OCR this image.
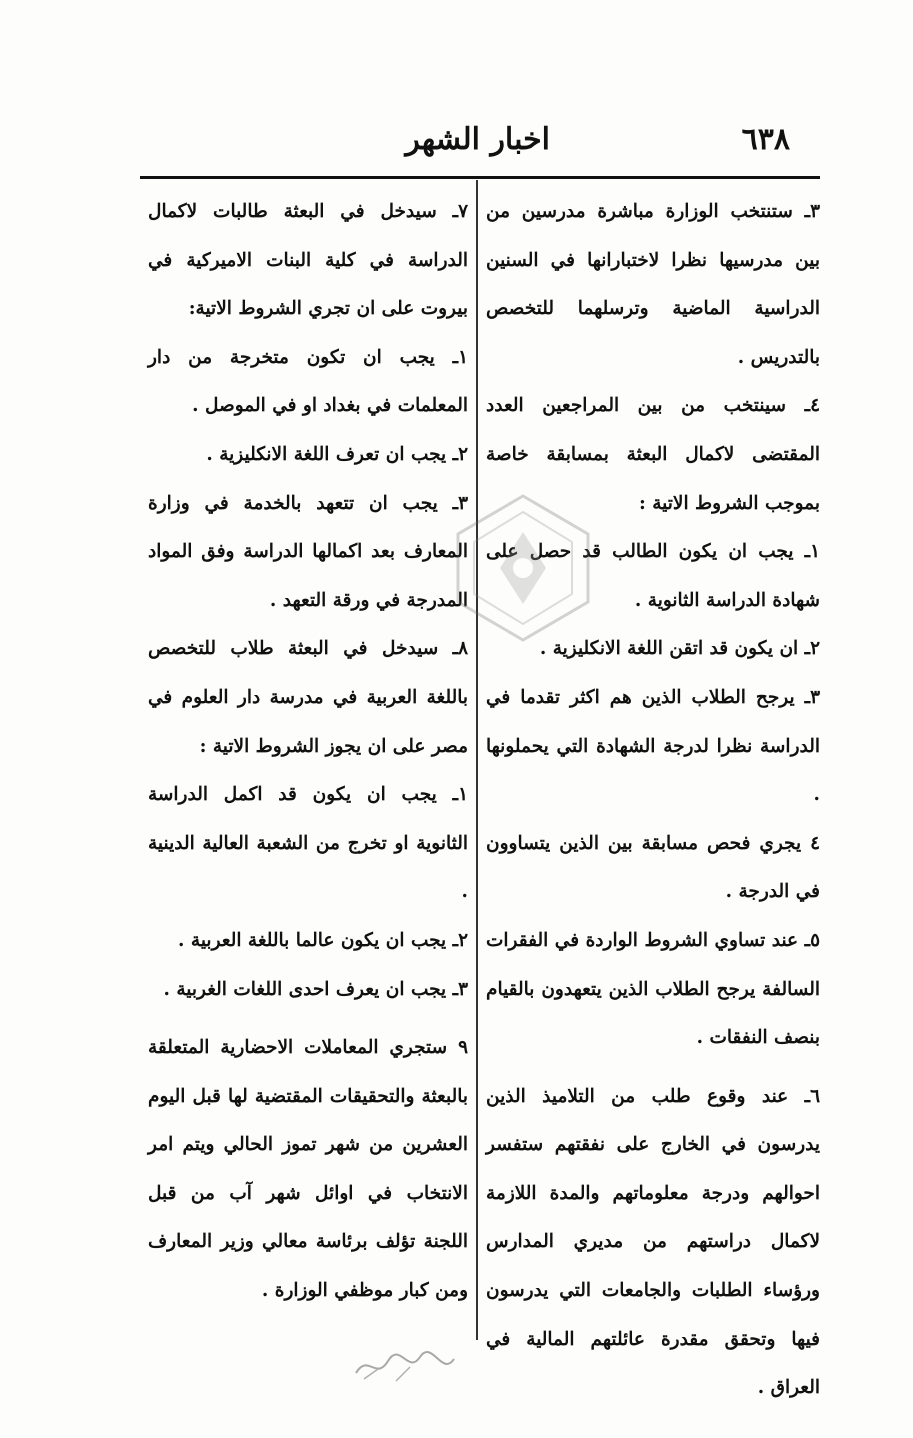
٦٣٨
اخبار الشهر

٣ـ ستنتخب الوزارة مباشرة مدرسين من بين مدرسيها نظرا لاختبارانها في السنين الدراسية الماضية وترسلهما للتخصص بالتدريس .

٤ـ سينتخب من بين المراجعين العدد المقتضى لاكمال البعثة بمسابقة خاصة بموجب الشروط الاتية :

١ـ يجب ان يكون الطالب قد حصل على شهادة الدراسة الثانوية .

٢ـ ان يكون قد اتقن اللغة الانكليزية .

٣ـ يرجح الطلاب الذين هم اكثر تقدما في الدراسة نظرا لدرجة الشهادة التي يحملونها .

٤ يجري فحص مسابقة بين الذين يتساوون في الدرجة .

٥ـ عند تساوي الشروط الواردة في الفقرات السالفة يرجح الطلاب الذين يتعهدون بالقيام بنصف النفقات .

٦ـ عند وقوع طلب من التلاميذ الذين يدرسون في الخارج على نفقتهم ستفسر احوالهم ودرجة معلوماتهم والمدة اللازمة لاكمال دراستهم من مديري المدارس ورؤساء الطلبات والجامعات التي يدرسون فيها وتحقق مقدرة عائلتهم المالية في العراق .

٧ـ سيدخل في البعثة طالبات لاكمال الدراسة في كلية البنات الاميركية في بيروت على ان تجري الشروط الاتية:

١ـ يجب ان تكون متخرجة من دار المعلمات في بغداد او في الموصل .

٢ـ يجب ان تعرف اللغة الانكليزية .

٣ـ يجب ان تتعهد بالخدمة في وزارة المعارف بعد اكمالها الدراسة وفق المواد المدرجة في ورقة التعهد .

٨ـ سيدخل في البعثة طلاب للتخصص باللغة العربية في مدرسة دار العلوم في مصر على ان يجوز الشروط الاتية :

١ـ يجب ان يكون قد اكمل الدراسة الثانوية او تخرج من الشعبة العالية الدينية .

٢ـ يجب ان يكون عالما باللغة العربية .

٣ـ يجب ان يعرف احدى اللغات الغربية .

٩ ستجري المعاملات الاحضارية المتعلقة بالبعثة والتحقيقات المقتضية لها قبل اليوم العشرين من شهر تموز الحالي ويتم امر الانتخاب في اوائل شهر آب من قبل اللجنة تؤلف برئاسة معالي وزير المعارف ومن كبار موظفي الوزارة .
